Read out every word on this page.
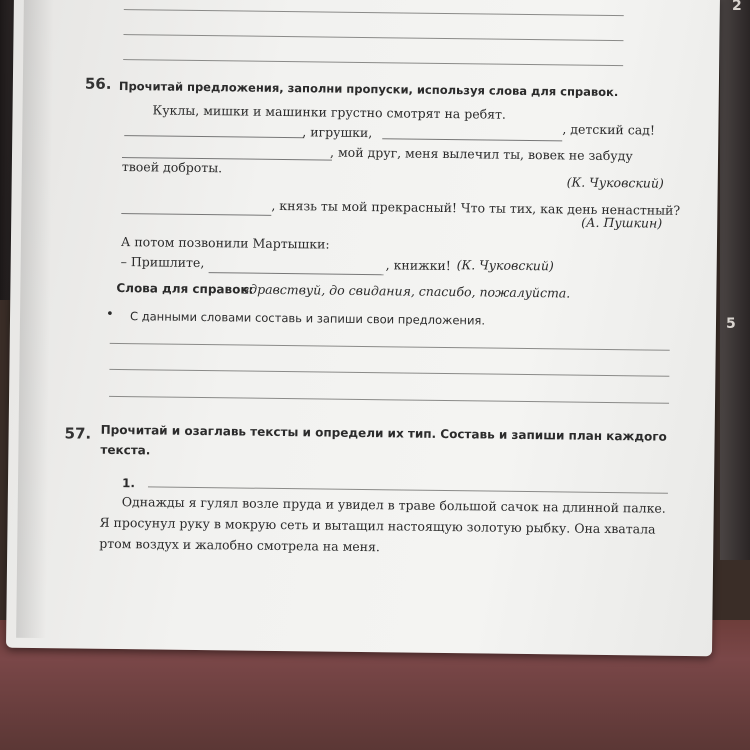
2
5
56. Прочитай предложения, заполни пропуски, используя слова для справок.
Куклы, мишки и машинки грустно смотрят на ребят.
, игрушки,	, детский сад!
, мой друг, меня вылечил ты, вовек не забуду
твоей доброты.
(К. Чуковский)
, князь ты мой прекрасный! Что ты тих, как день ненастный?
(А. Пушкин)
А потом позвонили Мартышки:
– Пришлите,	, книжки! (К. Чуковский)
Слова для справок:
здравствуй, до свидания, спасибо, пожалуйста.
• С данными словами составь и запиши свои предложения.
57. Прочитай и озаглавь тексты и определи их тип. Составь и запиши план каждого
текста.
1.
Однажды я гулял возле пруда и увидел в траве большой сачок на длинной палке.
Я просунул руку в мокрую сеть и вытащил настоящую золотую рыбку. Она хватала
ртом воздух и жалобно смотрела на меня.
